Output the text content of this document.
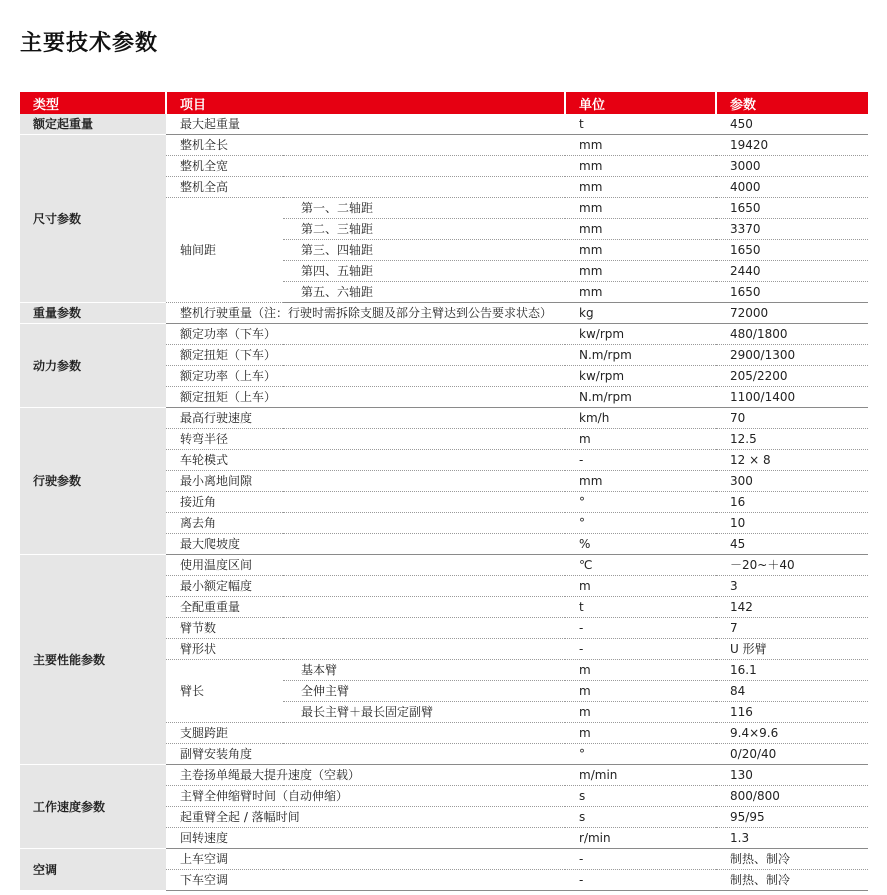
主要技术参数
类型	项目		单位	参数
额定起重量	最大起重量		t	450
尺寸参数	整机全长		mm	19420
	整机全宽		mm	3000
	整机全高		mm	4000
	轴间距	第一、二轴距	mm	1650
		第二、三轴距	mm	3370
		第三、四轴距	mm	1650
		第四、五轴距	mm	2440
		第五、六轴距	mm	1650
重量参数	整机行驶重量（注：行驶时需拆除支腿及部分主臂达到公告要求状态）		kg	72000
动力参数	额定功率（下车）		kw/rpm	480/1800
	额定扭矩（下车）		N.m/rpm	2900/1300
	额定功率（上车）		kw/rpm	205/2200
	额定扭矩（上车）		N.m/rpm	1100/1400
行驶参数	最高行驶速度		km/h	70
	转弯半径		m	12.5
	车轮模式		-	12 × 8
	最小离地间隙		mm	300
	接近角		°	16
	离去角		°	10
	最大爬坡度		%	45
主要性能参数	使用温度区间		℃	－20~＋40
	最小额定幅度		m	3
	全配重重量		t	142
	臂节数		-	7
	臂形状		-	U 形臂
	臂长	基本臂	m	16.1
		全伸主臂	m	84
		最长主臂＋最长固定副臂	m	116
	支腿跨距		m	9.4×9.6
	副臂安装角度		°	0/20/40
工作速度参数	主卷扬单绳最大提升速度（空载）		m/min	130
	主臂全伸缩臂时间（自动伸缩）		s	800/800
	起重臂全起 / 落幅时间		s	95/95
	回转速度		r/min	1.3
空调	上车空调		-	制热、制冷
	下车空调		-	制热、制冷
